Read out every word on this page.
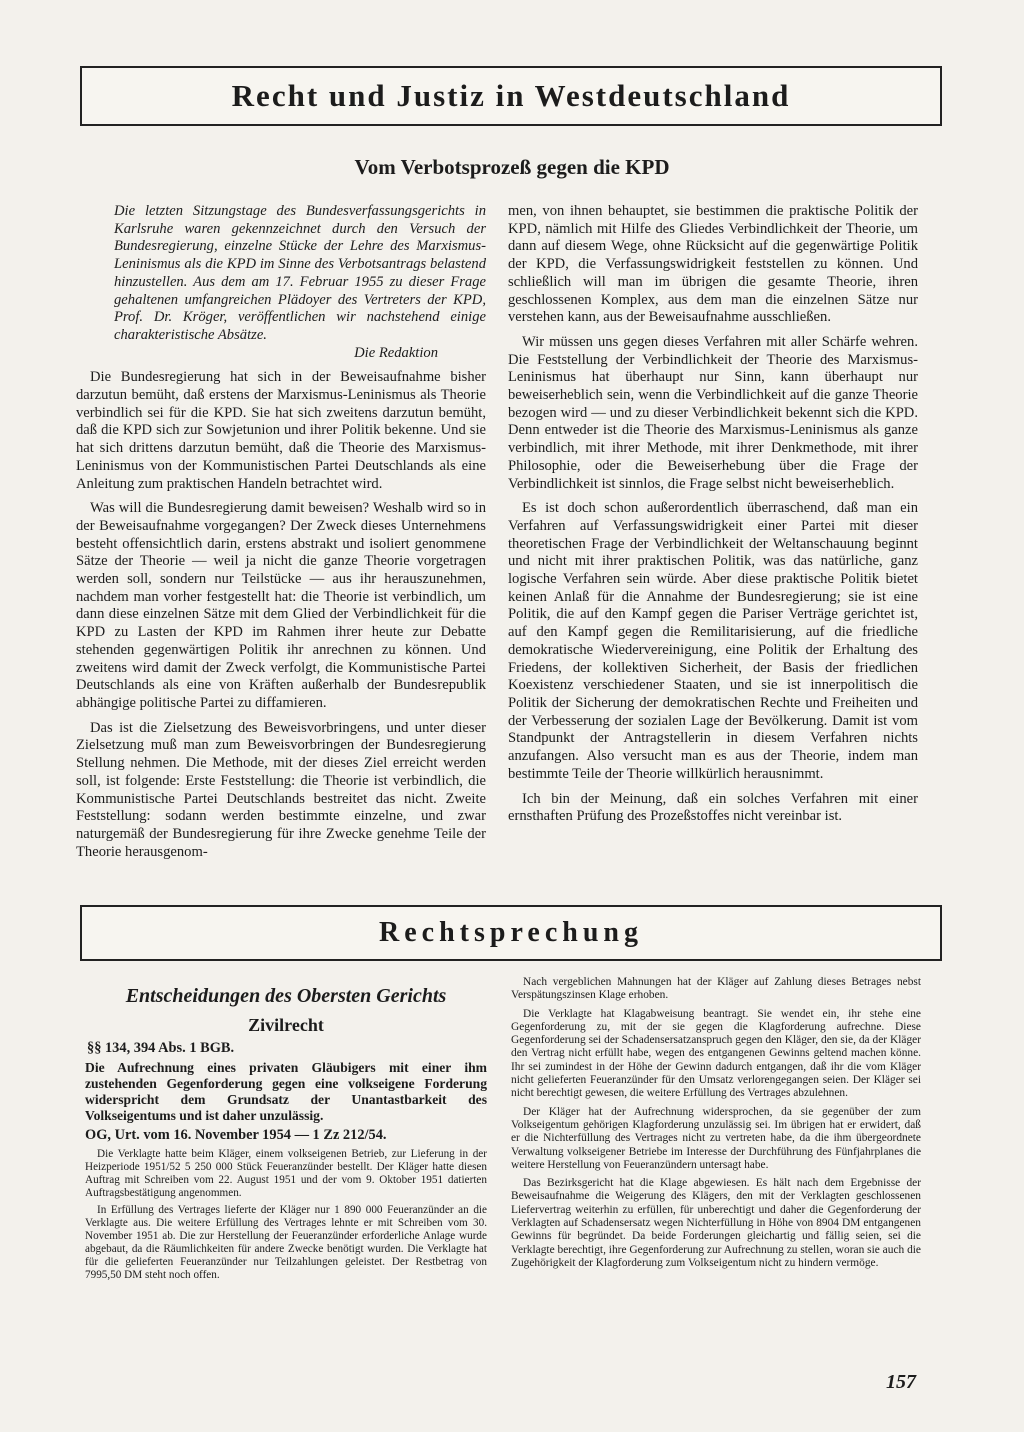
Recht und Justiz in Westdeutschland
Vom Verbotsprozeß gegen die KPD

Die letzten Sitzungstage des Bundesverfassungsgerichts in Karlsruhe waren gekennzeichnet durch den Versuch der Bundesregierung, einzelne Stücke der Lehre des Marxismus-Leninismus als die KPD im Sinne des Verbotsantrags belastend hinzustellen. Aus dem am 17. Februar 1955 zu dieser Frage gehaltenen umfangreichen Plädoyer des Vertreters der KPD, Prof. Dr. Kröger, veröffentlichen wir nachstehend einige charakteristische Absätze.

Die Redaktion

Die Bundesregierung hat sich in der Beweisaufnahme bisher darzutun bemüht, daß erstens der Marxismus-Leninismus als Theorie verbindlich sei für die KPD. Sie hat sich zweitens darzutun bemüht, daß die KPD sich zur Sowjetunion und ihrer Politik bekenne. Und sie hat sich drittens darzutun bemüht, daß die Theorie des Marxismus-Leninismus von der Kommunistischen Partei Deutschlands als eine Anleitung zum praktischen Handeln betrachtet wird.

Was will die Bundesregierung damit beweisen? Weshalb wird so in der Beweisaufnahme vorgegangen? Der Zweck dieses Unternehmens besteht offensichtlich darin, erstens abstrakt und isoliert genommene Sätze der Theorie — weil ja nicht die ganze Theorie vorgetragen werden soll, sondern nur Teilstücke — aus ihr herauszunehmen, nachdem man vorher festgestellt hat: die Theorie ist verbindlich, um dann diese einzelnen Sätze mit dem Glied der Verbindlichkeit für die KPD zu Lasten der KPD im Rahmen ihrer heute zur Debatte stehenden gegenwärtigen Politik ihr anrechnen zu können. Und zweitens wird damit der Zweck verfolgt, die Kommunistische Partei Deutschlands als eine von Kräften außerhalb der Bundesrepublik abhängige politische Partei zu diffamieren.

Das ist die Zielsetzung des Beweisvorbringens, und unter dieser Zielsetzung muß man zum Beweisvorbringen der Bundesregierung Stellung nehmen. Die Methode, mit der dieses Ziel erreicht werden soll, ist folgende: Erste Feststellung: die Theorie ist verbindlich, die Kommunistische Partei Deutschlands bestreitet das nicht. Zweite Feststellung: sodann werden bestimmte einzelne, und zwar naturgemäß der Bundesregierung für ihre Zwecke genehme Teile der Theorie herausgenom-

men, von ihnen behauptet, sie bestimmen die praktische Politik der KPD, nämlich mit Hilfe des Gliedes Verbindlichkeit der Theorie, um dann auf diesem Wege, ohne Rücksicht auf die gegenwärtige Politik der KPD, die Verfassungswidrigkeit feststellen zu können. Und schließlich will man im übrigen die gesamte Theorie, ihren geschlossenen Komplex, aus dem man die einzelnen Sätze nur verstehen kann, aus der Beweisaufnahme ausschließen.

Wir müssen uns gegen dieses Verfahren mit aller Schärfe wehren. Die Feststellung der Verbindlichkeit der Theorie des Marxismus-Leninismus hat überhaupt nur Sinn, kann überhaupt nur beweiserheblich sein, wenn die Verbindlichkeit auf die ganze Theorie bezogen wird — und zu dieser Verbindlichkeit bekennt sich die KPD. Denn entweder ist die Theorie des Marxismus-Leninismus als ganze verbindlich, mit ihrer Methode, mit ihrer Denkmethode, mit ihrer Philosophie, oder die Beweiserhebung über die Frage der Verbindlichkeit ist sinnlos, die Frage selbst nicht beweiserheblich.

Es ist doch schon außerordentlich überraschend, daß man ein Verfahren auf Verfassungswidrigkeit einer Partei mit dieser theoretischen Frage der Verbindlichkeit der Weltanschauung beginnt und nicht mit ihrer praktischen Politik, was das natürliche, ganz logische Verfahren sein würde. Aber diese praktische Politik bietet keinen Anlaß für die Annahme der Bundesregierung; sie ist eine Politik, die auf den Kampf gegen die Pariser Verträge gerichtet ist, auf den Kampf gegen die Remilitarisierung, auf die friedliche demokratische Wiedervereinigung, eine Politik der Erhaltung des Friedens, der kollektiven Sicherheit, der Basis der friedlichen Koexistenz verschiedener Staaten, und sie ist innerpolitisch die Politik der Sicherung der demokratischen Rechte und Freiheiten und der Verbesserung der sozialen Lage der Bevölkerung. Damit ist vom Standpunkt der Antragstellerin in diesem Verfahren nichts anzufangen. Also versucht man es aus der Theorie, indem man bestimmte Teile der Theorie willkürlich herausnimmt.

Ich bin der Meinung, daß ein solches Verfahren mit einer ernsthaften Prüfung des Prozeßstoffes nicht vereinbar ist.

Rechtsprechung
Entscheidungen des Obersten Gerichts
Zivilrecht
§§ 134, 394 Abs. 1 BGB.
Die Aufrechnung eines privaten Gläubigers mit einer ihm zustehenden Gegenforderung gegen eine volkseigene Forderung widerspricht dem Grundsatz der Unantastbarkeit des Volkseigentums und ist daher unzulässig.
OG, Urt. vom 16. November 1954 — 1 Zz 212/54.

Die Verklagte hatte beim Kläger, einem volkseigenen Betrieb, zur Lieferung in der Heizperiode 1951/52 5 250 000 Stück Feueranzünder bestellt. Der Kläger hatte diesen Auftrag mit Schreiben vom 22. August 1951 und der vom 9. Oktober 1951 datierten Auftragsbestätigung angenommen.

In Erfüllung des Vertrages lieferte der Kläger nur 1 890 000 Feueranzünder an die Verklagte aus. Die weitere Erfüllung des Vertrages lehnte er mit Schreiben vom 30. November 1951 ab. Die zur Herstellung der Feueranzünder erforderliche Anlage wurde abgebaut, da die Räumlichkeiten für andere Zwecke benötigt wurden. Die Verklagte hat für die gelieferten Feueranzünder nur Teilzahlungen geleistet. Der Restbetrag von 7995,50 DM steht noch offen.

Nach vergeblichen Mahnungen hat der Kläger auf Zahlung dieses Betrages nebst Verspätungszinsen Klage erhoben.

Die Verklagte hat Klagabweisung beantragt. Sie wendet ein, ihr stehe eine Gegenforderung zu, mit der sie gegen die Klagforderung aufrechne. Diese Gegenforderung sei der Schadensersatzanspruch gegen den Kläger, den sie, da der Kläger den Vertrag nicht erfüllt habe, wegen des entgangenen Gewinns geltend machen könne. Ihr sei zumindest in der Höhe der Gewinn dadurch entgangen, daß ihr die vom Kläger nicht gelieferten Feueranzünder für den Umsatz verlorengegangen seien. Der Kläger sei nicht berechtigt gewesen, die weitere Erfüllung des Vertrages abzulehnen.

Der Kläger hat der Aufrechnung widersprochen, da sie gegenüber der zum Volkseigentum gehörigen Klagforderung unzulässig sei. Im übrigen hat er erwidert, daß er die Nichterfüllung des Vertrages nicht zu vertreten habe, da die ihm übergeordnete Verwaltung volkseigener Betriebe im Interesse der Durchführung des Fünfjahrplanes die weitere Herstellung von Feueranzündern untersagt habe.

Das Bezirksgericht hat die Klage abgewiesen. Es hält nach dem Ergebnisse der Beweisaufnahme die Weigerung des Klägers, den mit der Verklagten geschlossenen Liefervertrag weiterhin zu erfüllen, für unberechtigt und daher die Gegenforderung der Verklagten auf Schadensersatz wegen Nichterfüllung in Höhe von 8904 DM entgangenen Gewinns für begründet. Da beide Forderungen gleichartig und fällig seien, sei die Verklagte berechtigt, ihre Gegenforderung zur Aufrechnung zu stellen, woran sie auch die Zugehörigkeit der Klagforderung zum Volkseigentum nicht zu hindern vermöge.

157
